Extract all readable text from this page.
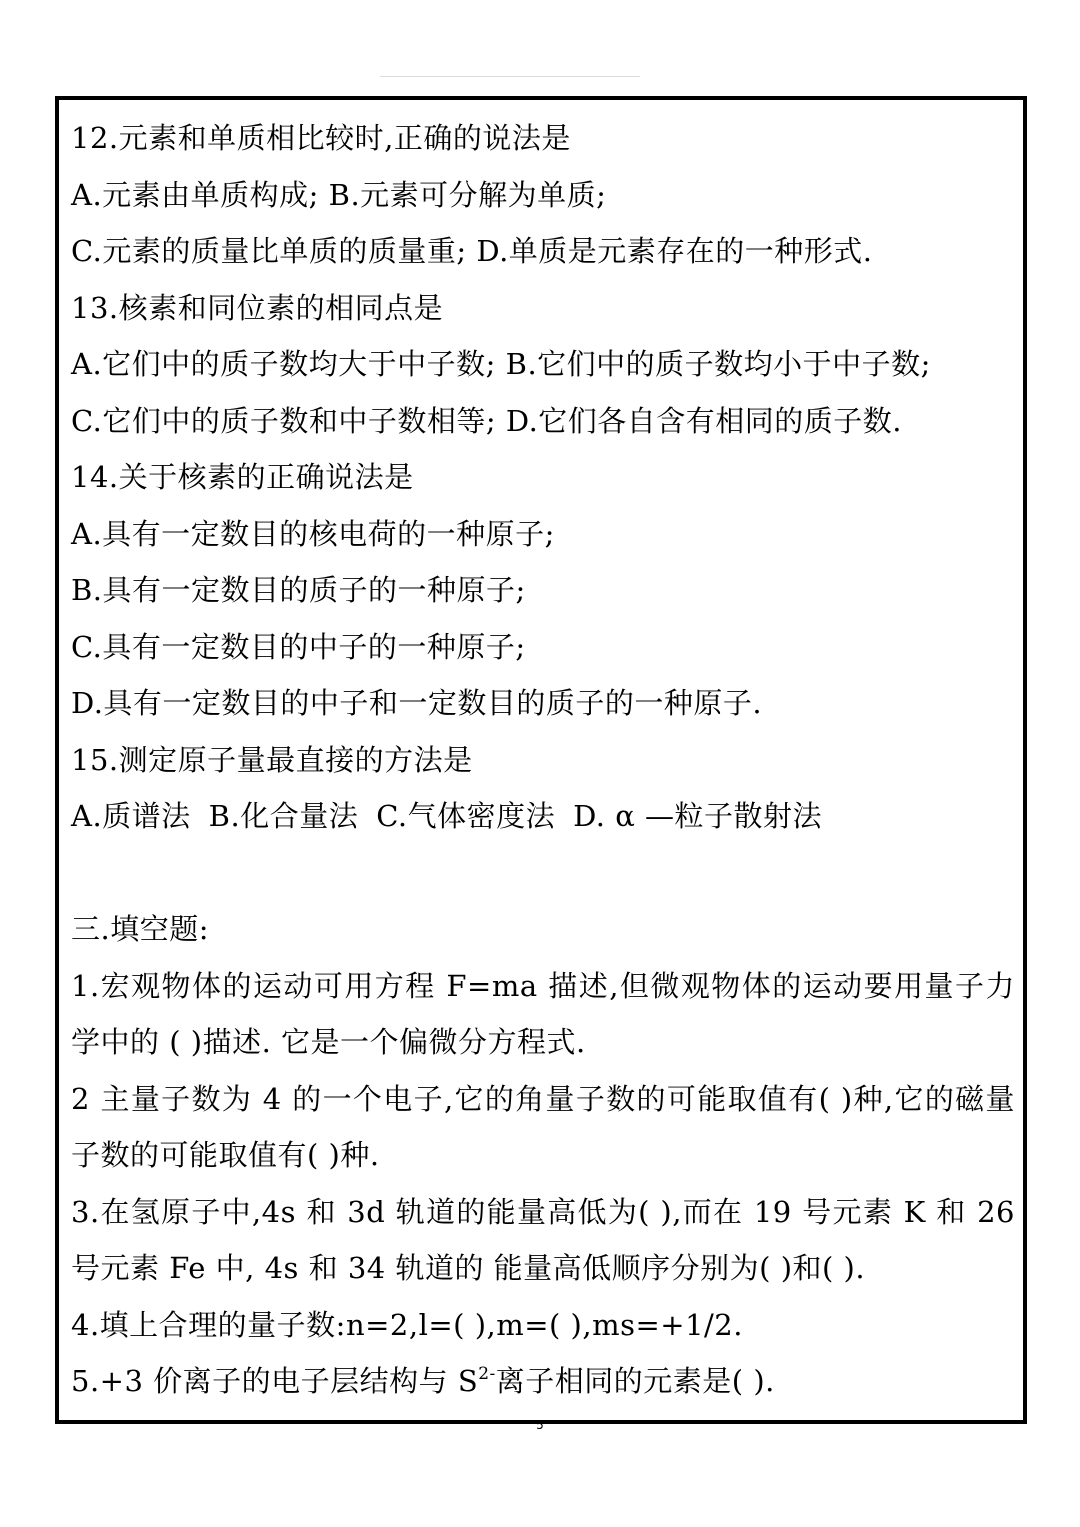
12.元素和单质相比较时,正确的说法是
A.元素由单质构成; B.元素可分解为单质;
C.元素的质量比单质的质量重; D.单质是元素存在的一种形式.
13.核素和同位素的相同点是
A.它们中的质子数均大于中子数; B.它们中的质子数均小于中子数;
C.它们中的质子数和中子数相等; D.它们各自含有相同的质子数.
14.关于核素的正确说法是
A.具有一定数目的核电荷的一种原子;
B.具有一定数目的质子的一种原子;
C.具有一定数目的中子的一种原子;
D.具有一定数目的中子和一定数目的质子的一种原子.
15.测定原子量最直接的方法是
A.质谱法 B.化合量法 C.气体密度法 D. α —粒子散射法
三.填空题:
1.宏观物体的运动可用方程 F=ma 描述,但微观物体的运动要用量子力学中的 ( )描述. 它是一个偏微分方程式.
2 主量子数为 4 的一个电子,它的角量子数的可能取值有( )种,它的磁量子数的可能取值有( )种.
3.在氢原子中,4s 和 3d 轨道的能量高低为( ),而在 19 号元素 K 和 26 号元素 Fe 中, 4s 和 34 轨道的 能量高低顺序分别为( )和( ).
4.填上合理的量子数:n=2,l=( ),m=( ),ms=+1/2.
5.+3 价离子的电子层结构与 $S^{2-}$离子相同的元素是( ).
5
